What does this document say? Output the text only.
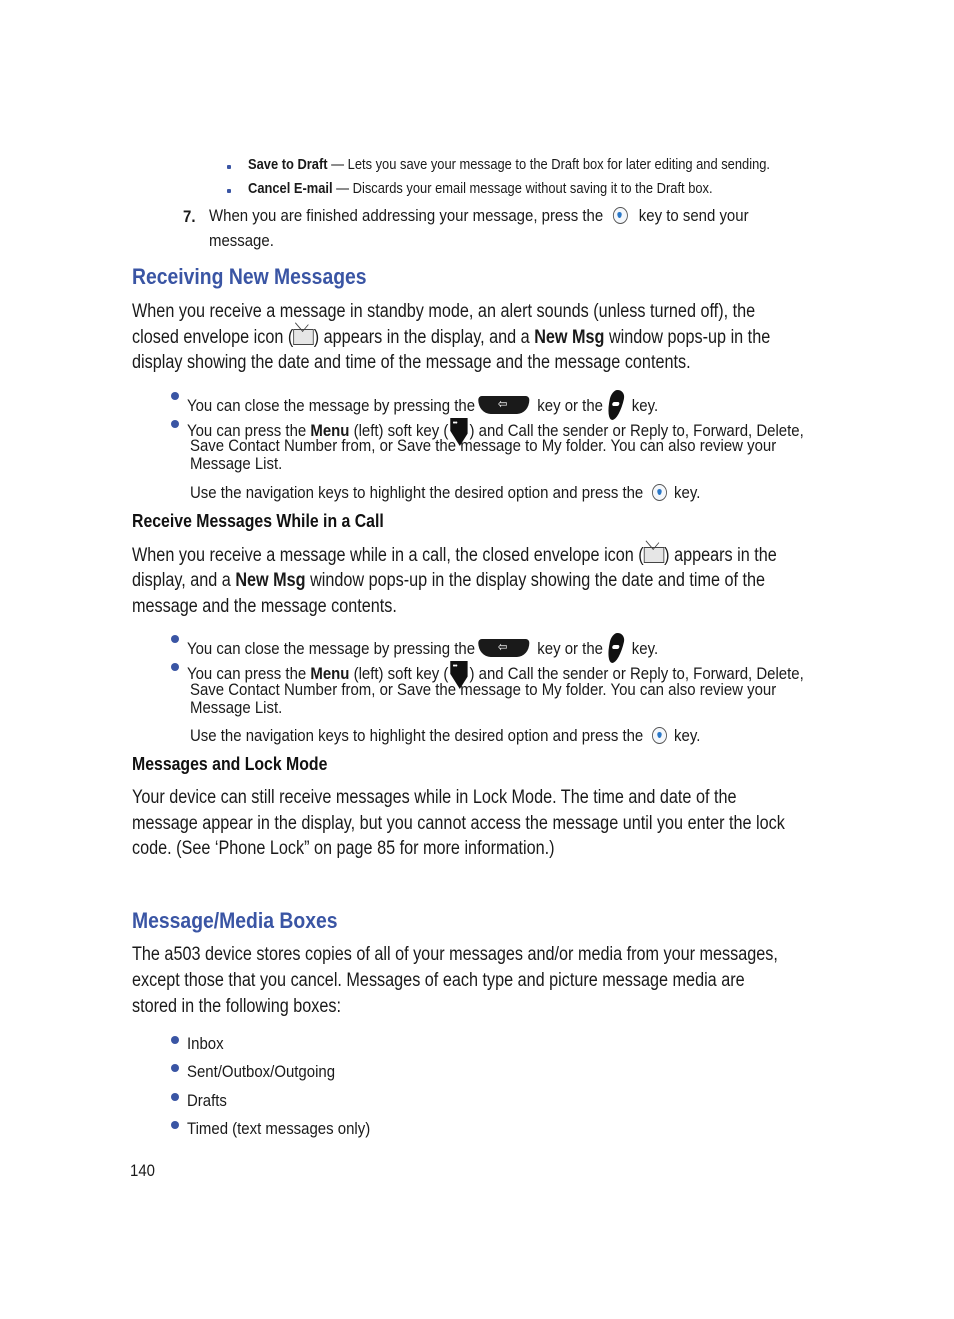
Save to Draft — Lets you save your message to the Draft box for later editing and sending.
Cancel E-mail — Discards your email message without saving it to the Draft box.
7. When you are finished addressing your message, press the key to send your
message.
Receiving New Messages
When you receive a message in standby mode, an alert sounds (unless turned off), the
closed envelope icon ( ) appears in the display, and a New Msg window pops-up in the
display showing the date and time of the message and the message contents.
You can close the message by pressing the ⇦	key or the key.
You can press the Menu (left) soft key ( ••• ) and Call the sender or Reply to, Forward, Delete,
Save Contact Number from, or Save the message to My folder. You can also review your
Message List.
Use the navigation keys to highlight the desired option and press the key.
Receive Messages While in a Call
When you receive a message while in a call, the closed envelope icon ( ) appears in the
display, and a New Msg window pops-up in the display showing the date and time of the
message and the message contents.
You can close the message by pressing the ⇦	key or the key.
You can press the Menu (left) soft key ( ••• ) and Call the sender or Reply to, Forward, Delete,
Save Contact Number from, or Save the message to My folder. You can also review your
Message List.
Use the navigation keys to highlight the desired option and press the key.
Messages and Lock Mode
Your device can still receive messages while in Lock Mode. The time and date of the
message appear in the display, but you cannot access the message until you enter the lock
code. (See ‘Phone Lock” on page 85 for more information.)
Message/Media Boxes
The a503 device stores copies of all of your messages and/or media from your messages,
except those that you cancel. Messages of each type and picture message media are
stored in the following boxes:
Inbox
Sent/Outbox/Outgoing
Drafts
Timed (text messages only)
140
